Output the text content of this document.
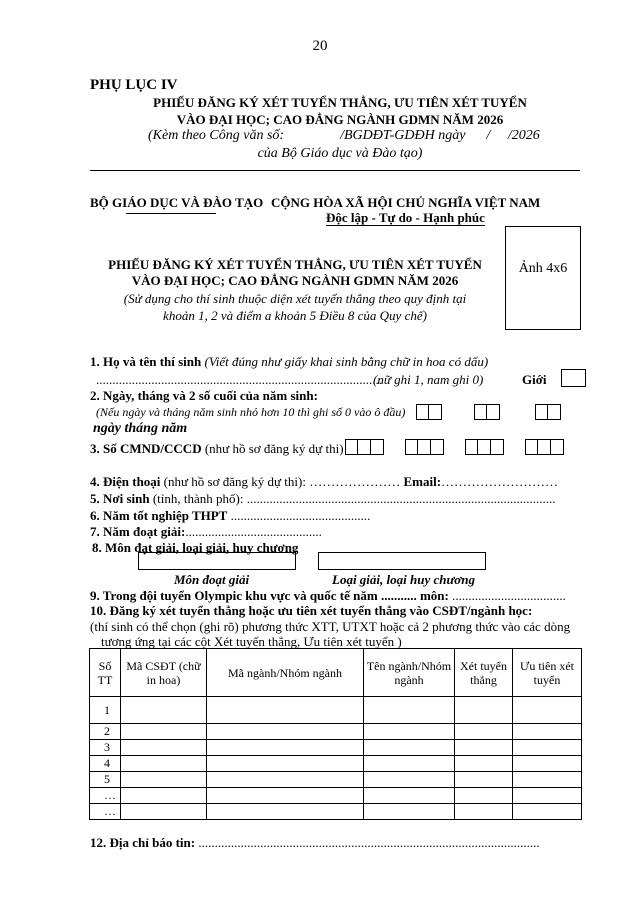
20
PHỤ LỤC IV
PHIẾU ĐĂNG KÝ XÉT TUYỂN THẲNG, ƯU TIÊN XÉT TUYỂN
VÀO ĐẠI HỌC; CAO ĐẲNG NGÀNH GDMN NĂM 2026
(Kèm theo Công văn số:                /BGDĐT-GDĐH ngày      /     /2026
của Bộ Giáo dục và Đào tạo)
BỘ GIÁO DỤC VÀ ĐÀO TẠO CỘNG HÒA XÃ HỘI CHỦ NGHĨA VIỆT NAM
Độc lập - Tự do - Hạnh phúc
PHIẾU ĐĂNG KÝ XÉT TUYỂN THẲNG, ƯU TIÊN XÉT TUYỂN
VÀO ĐẠI HỌC; CAO ĐẲNG NGÀNH GDMN NĂM 2026
(Sử dụng cho thí sinh thuộc diện xét tuyển thẳng theo quy định tại
khoản 1, 2 và điểm a khoản 5 Điều 8 của Quy chế)
Ảnh 4x6
1. Họ và tên thí sinh (Viết đúng như giấy khai sinh bằng chữ in hoa có dấu)
........................................................................................
(nữ ghi 1, nam ghi 0)	Giới
2. Ngày, tháng và 2 số cuối của năm sinh:
(Nếu ngày và tháng năm sinh nhỏ hơn 10 thì ghi số 0 vào ô đầu)
ngày tháng năm
3. Số CMND/CCCD (như hồ sơ đăng ký dự thi)
4. Điện thoại (như hồ sơ đăng ký dự thi): ………………… Email:………………………
5. Nơi sinh (tỉnh, thành phố): ...............................................................................................
6. Năm tốt nghiệp THPT ...........................................
7. Năm đoạt giải:..........................................
8. Môn đạt giải, loại giải, huy chương
Môn đoạt giải	Loại giải, loại huy chương
9. Trong đội tuyển Olympic khu vực và quốc tế năm ........... môn: ...................................
10. Đăng ký xét tuyển thẳng hoặc ưu tiên xét tuyển thẳng vào CSĐT/ngành học:
(thí sinh có thể chọn (ghi rõ) phương thức XTT, UTXT hoặc cả 2 phương thức vào các dòng
tương ứng tại các cột Xét tuyển thẳng, Ưu tiên xét tuyển )
Số TT	Mã CSĐT (chữ in hoa)	Mã ngành/Nhóm ngành	Tên ngành/Nhóm ngành	Xét tuyển thẳng	Ưu tiên xét tuyển
1					
2					
3					
4					
5					
…					
…					
12. Địa chỉ báo tin: .........................................................................................................
